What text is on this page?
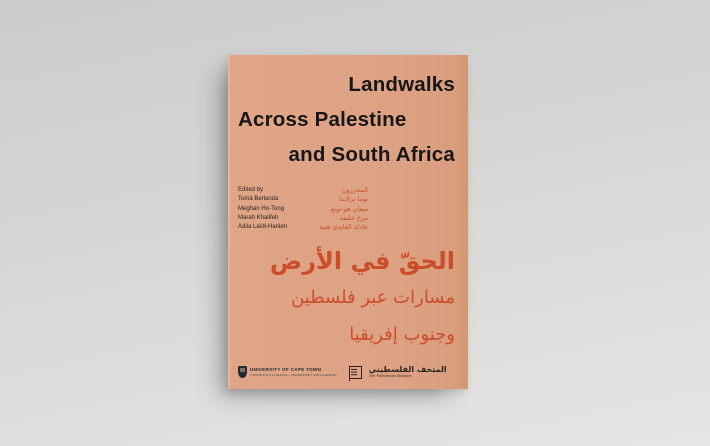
Landwalks
Across Palestine
and South Africa
Edited by
Tomà Berlanda
Meghan Ho-Tong
Marah Khalifeh
Adila Laïdi-Hanieh
المحررون
توما برلاندا
ميغان هو-تونغ
مرح خليفة
عادلة العايدي هنية
الحقّ في الأرض
مسارات عبر فلسطين
وجنوب إفريقيا
UNIVERSITY OF CAPE TOWN
IYUNIVESITHI YASEKAPA • UNIVERSITEIT VAN KAAPSTAD
المتحف الفلسطيني
The Palestinian Museum
